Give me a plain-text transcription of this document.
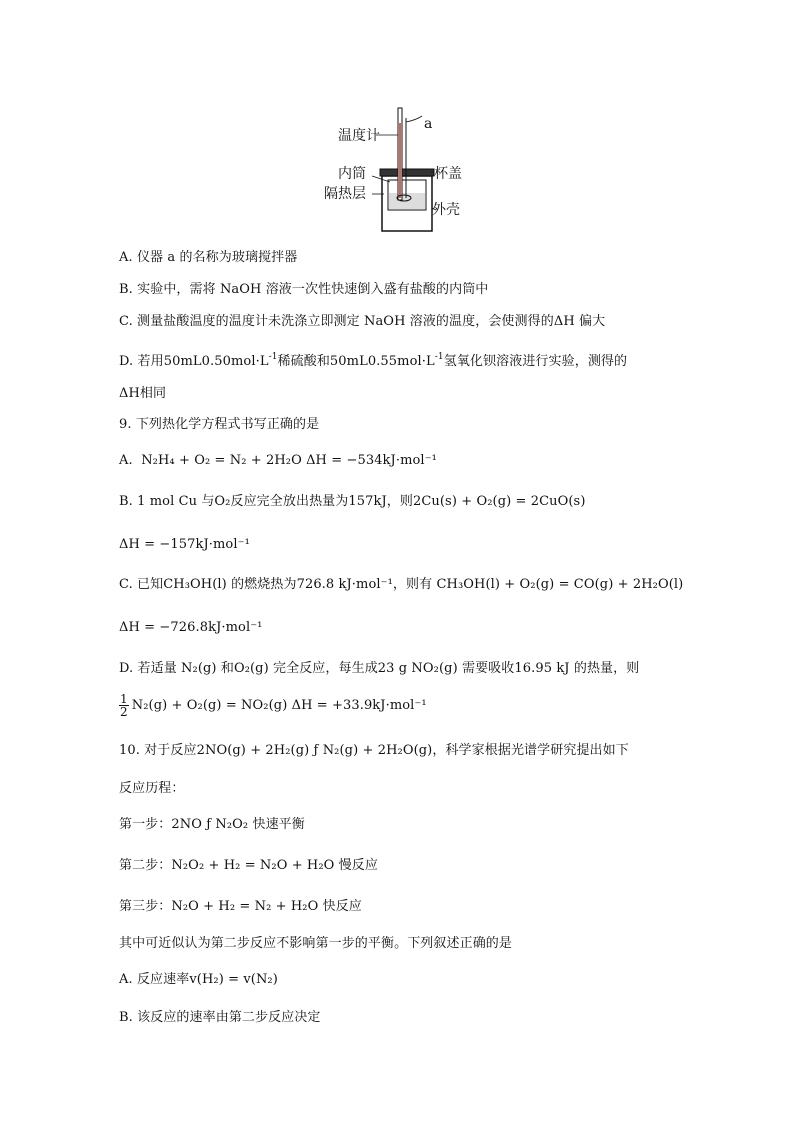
温度计
a
内筒	杯盖
隔热层
外壳
A. 仪器 a 的名称为玻璃搅拌器
B. 实验中，需将 NaOH 溶液一次性快速倒入盛有盐酸的内筒中
C. 测量盐酸温度的温度计未洗涤立即测定 NaOH 溶液的温度，会使测得的ΔH 偏大
D. 若用$50mL0.50mol\cdot L^{-1}$稀硫酸和$50mL0.55mol\cdot L^{-1}$氢氧化钡溶液进行实验，测得的
ΔH相同
9. 下列热化学方程式书写正确的是
A. N₂H₄ + O₂ = N₂ + 2H₂O ΔH = −534kJ·mol⁻¹
B. 1 mol Cu 与O₂反应完全放出热量为157kJ，则2Cu(s) + O₂(g) = 2CuO(s)
ΔH = −157kJ·mol⁻¹
C. 已知CH₃OH(l) 的燃烧热为726.8 kJ·mol⁻¹，则有 CH₃OH(l) + O₂(g) = CO(g) + 2H₂O(l)
ΔH = −726.8kJ·mol⁻¹
D. 若适量 N₂(g) 和O₂(g) 完全反应，每生成23 g NO₂(g) 需要吸收16.95 kJ 的热量，则
$\frac{1}{2} N_2(g) + O_2(g) = NO_2(g) \Delta H = +33.9kJ\cdot mol^{-1}$
10. 对于反应2NO(g) + 2H₂(g) ƒ N₂(g) + 2H₂O(g)，科学家根据光谱学研究提出如下
反应历程：
第一步：2NO ƒ N₂O₂ 快速平衡
第二步：N₂O₂ + H₂ = N₂O + H₂O 慢反应
第三步：N₂O + H₂ = N₂ + H₂O 快反应
其中可近似认为第二步反应不影响第一步的平衡。下列叙述正确的是
A. 反应速率v(H₂) = v(N₂)
B. 该反应的速率由第二步反应决定
